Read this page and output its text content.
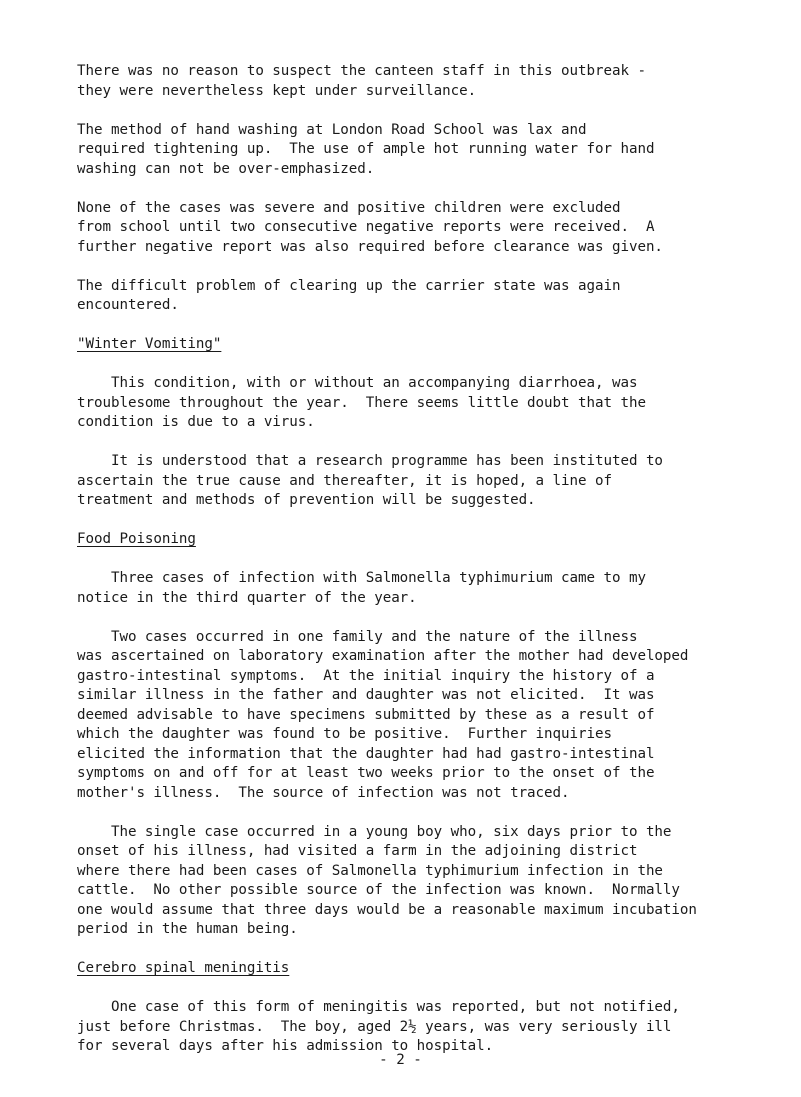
There was no reason to suspect the canteen staff in this outbreak -
they were nevertheless kept under surveillance.
The method of hand washing at London Road School was lax and
required tightening up.  The use of ample hot running water for hand
washing can not be over-emphasized.
None of the cases was severe and positive children were excluded
from school until two consecutive negative reports were received.  A
further negative report was also required before clearance was given.
The difficult problem of clearing up the carrier state was again
encountered.
"Winter Vomiting"
This condition, with or without an accompanying diarrhoea, was
troublesome throughout the year.  There seems little doubt that the
condition is due to a virus.
It is understood that a research programme has been instituted to
ascertain the true cause and thereafter, it is hoped, a line of
treatment and methods of prevention will be suggested.
Food Poisoning
Three cases of infection with Salmonella typhimurium came to my
notice in the third quarter of the year.
Two cases occurred in one family and the nature of the illness
was ascertained on laboratory examination after the mother had developed
gastro-intestinal symptoms.  At the initial inquiry the history of a
similar illness in the father and daughter was not elicited.  It was
deemed advisable to have specimens submitted by these as a result of
which the daughter was found to be positive.  Further inquiries
elicited the information that the daughter had had gastro-intestinal
symptoms on and off for at least two weeks prior to the onset of the
mother's illness.  The source of infection was not traced.
The single case occurred in a young boy who, six days prior to the
onset of his illness, had visited a farm in the adjoining district
where there had been cases of Salmonella typhimurium infection in the
cattle.  No other possible source of the infection was known.  Normally
one would assume that three days would be a reasonable maximum incubation
period in the human being.
Cerebro spinal meningitis
One case of this form of meningitis was reported, but not notified,
just before Christmas.  The boy, aged 2½ years, was very seriously ill
for several days after his admission to hospital.
- 2 -
